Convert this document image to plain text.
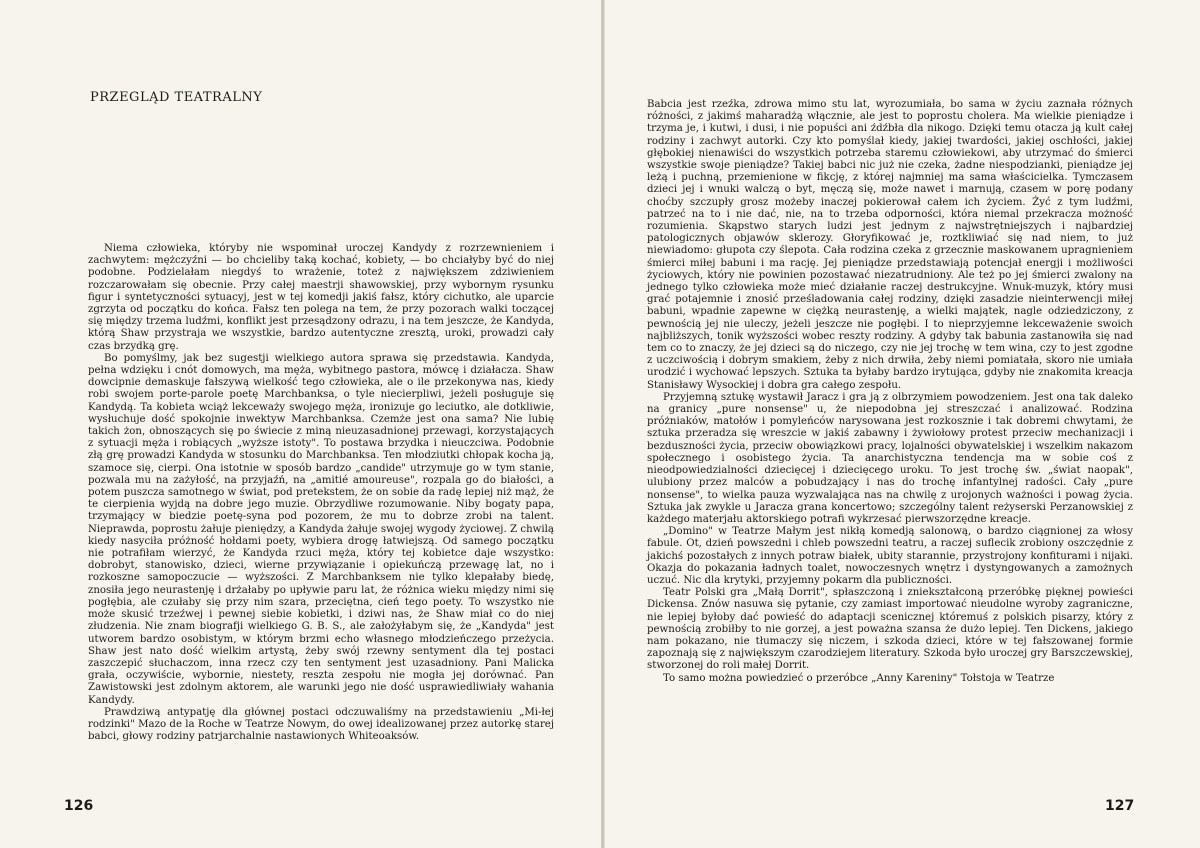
PRZEGLĄD TEATRALNY

Niema człowieka, któryby nie wspominał uroczej Kandydy z rozrzewnieniem i zachwytem: mężczyźni — bo chcieliby taką kochać, kobiety, — bo chciałyby być do niej podobne. Podzielałam niegdyś to wrażenie, toteż z największem zdziwieniem rozczarowałam się obecnie. Przy całej maestrji shawowskiej, przy wybornym rysunku figur i syntetyczności sytuacyj, jest w tej komedji jakiś fałsz, który cichutko, ale uparcie zgrzyta od początku do końca. Fałsz ten polega na tem, że przy pozorach walki toczącej się między trzema ludźmi, konflikt jest przesądzony odrazu, i na tem jeszcze, że Kandyda, którą Shaw przystraja we wszystkie, bardzo autentyczne zresztą, uroki, prowadzi cały czas brzydką grę.

Bo pomyślmy, jak bez sugestji wielkiego autora sprawa się przedstawia. Kandyda, pełna wdzięku i cnót domowych, ma męża, wybitnego pastora, mówcę i działacza. Shaw dowcipnie demaskuje fałszywą wielkość tego człowieka, ale o ile przekonywa nas, kiedy robi swojem porte-parole poetę Marchbanksa, o tyle niecierpliwi, jeżeli posługuje się Kandydą. Ta kobieta wciąż lekceważy swojego męża, ironizuje go leciutko, ale dotkliwie, wysłuchuje dość spokojnie inwektyw Marchbanksa. Czemże jest ona sama? Nie lubię takich żon, obnoszących się po świecie z miną nieuzasadnionej przewagi, korzystających z sytuacji męża i robiących „wyższe istoty". To postawa brzydka i nieuczciwa. Podobnie złą grę prowadzi Kandyda w stosunku do Marchbanksa. Ten młodziutki chłopak kocha ją, szamoce się, cierpi. Ona istotnie w sposób bardzo „candide" utrzymuje go w tym stanie, pozwala mu na zażyłość, na przyjaźń, na „amitié amoureuse", rozpala go do białości, a potem puszcza samotnego w świat, pod pretekstem, że on sobie da radę lepiej niż mąż, że te cierpienia wyjdą na dobre jego muzie. Obrzydliwe rozumowanie. Niby bogaty papa, trzymający w biedzie poetę-syna pod pozorem, że mu to dobrze zrobi na talent. Nieprawda, poprostu żałuje pieniędzy, a Kandyda żałuje swojej wygody życiowej. Z chwilą kiedy nasyciła próżność hołdami poety, wybiera drogę łatwiejszą. Od samego początku nie potrafiłam wierzyć, że Kandyda rzuci męża, który tej kobietce daje wszystko: dobrobyt, stanowisko, dzieci, wierne przywiązanie i opiekuńczą przewagę lat, no i rozkoszne samopoczucie — wyższości. Z Marchbanksem nie tylko klepałaby biedę, znosiła jego neurastenję i drżałaby po upływie paru lat, że różnica wieku między nimi się pogłębia, ale czułaby się przy nim szara, przeciętna, cień tego poety. To wszystko nie może skusić trzeźwej i pewnej siebie kobietki, i dziwi nas, że Shaw miał co do niej złudzenia. Nie znam biografji wielkiego G. B. S., ale założyłabym się, że „Kandyda" jest utworem bardzo osobistym, w którym brzmi echo własnego młodzieńczego przeżycia. Shaw jest nato dość wielkim artystą, żeby swój rzewny sentyment dla tej postaci zaszczepić słuchaczom, inna rzecz czy ten sentyment jest uzasadniony. Pani Malicka grała, oczywiście, wybornie, niestety, reszta zespołu nie mogła jej dorównać. Pan Zawistowski jest zdolnym aktorem, ale warunki jego nie dość usprawiedliwiały wahania Kandydy.

Prawdziwą antypatję dla głównej postaci odczuwaliśmy na przedstawieniu „Mi-łej rodzinki" Mazo de la Roche w Teatrze Nowym, do owej idealizowanej przez autorkę starej babci, głowy rodziny patrjarchalnie nastawionych Whiteoaksów.

126

Babcia jest rzeźka, zdrowa mimo stu lat, wyrozumiała, bo sama w życiu zaznała różnych różności, z jakimś maharadżą włącznie, ale jest to poprostu cholera. Ma wielkie pieniądze i trzyma je, i kutwi, i dusi, i nie popuści ani źdźbła dla nikogo. Dzięki temu otacza ją kult całej rodziny i zachwyt autorki. Czy kto pomyślał kiedy, jakiej twardości, jakiej oschłości, jakiej głębokiej nienawiści do wszystkich potrzeba staremu człowiekowi, aby utrzymać do śmierci wszystkie swoje pieniądze? Takiej babci nic już nie czeka, żadne niespodzianki, pieniądze jej leżą i puchną, przemienione w fikcję, z której najmniej ma sama właścicielka. Tymczasem dzieci jej i wnuki walczą o byt, męczą się, może nawet i marnują, czasem w porę podany choćby szczupły grosz możeby inaczej pokierował całem ich życiem. Żyć z tym ludźmi, patrzeć na to i nie dać, nie, na to trzeba odporności, która niemal przekracza możność rozumienia. Skąpstwo starych ludzi jest jednym z najwstrętniejszych i najbardziej patologicznych objawów sklerozy. Głoryfikować je, roztkliwiać się nad niem, to już niewiadomo: głupota czy ślepota. Cała rodzina czeka z grzecznie maskowanem upragnieniem śmierci miłej babuni i ma rację. Jej pieniądze przedstawiają potencjał energji i możliwości życiowych, który nie powinien pozostawać niezatrudniony. Ale też po jej śmierci zwalony na jednego tylko człowieka może mieć działanie raczej destrukcyjne. Wnuk-muzyk, który musi grać potajemnie i znosić prześladowania całej rodziny, dzięki zasadzie nieinterwencji miłej babuni, wpadnie zapewne w ciężką neurastenję, a wielki majątek, nagle odziedziczony, z pewnością jej nie uleczy, jeżeli jeszcze nie pogłębi. I to nieprzyjemne lekceważenie swoich najbliższych, tonik wyższości wobec reszty rodziny. A gdyby tak babunia zastanowiła się nad tem co to znaczy, że jej dzieci są do niczego, czy nie jej trochę w tem wina, czy to jest zgodne z uczciwością i dobrym smakiem, żeby z nich drwiła, żeby niemi pomiatała, skoro nie umiała urodzić i wychować lepszych. Sztuka ta byłaby bardzo irytująca, gdyby nie znakomita kreacja Stanisławy Wysockiej i dobra gra całego zespołu.

Przyjemną sztukę wystawił Jaracz i gra ją z olbrzymiem powodzeniem. Jest ona tak daleko na granicy „pure nonsense" u, że niepodobna jej streszczać i analizować. Rodzina próżniaków, matołów i pomyleńców narysowana jest rozkosznie i tak dobremi chwytami, że sztuka przeradza się wreszcie w jakiś zabawny i żywiołowy protest przeciw mechanizacji i bezduszności życia, przeciw obowiązkowi pracy, lojalności obywatelskiej i wszelkim nakazom społecznego i osobistego życia. Ta anarchistyczna tendencja ma w sobie coś z nieodpowiedzialności dziecięcej i dziecięcego uroku. To jest trochę św. „świat naopak", ulubiony przez malców a pobudzający i nas do trochę infantylnej radości. Cały „pure nonsense", to wielka pauza wyzwalająca nas na chwilę z urojonych ważności i powag życia. Sztuka jak zwykle u Jaracza grana koncertowo; szczególny talent reżyserski Perzanowskiej z każdego materjału aktorskiego potrafi wykrzesać pierwszorzędne kreacje.

„Domino" w Teatrze Małym jest nikłą komedją salonową, o bardzo ciągnionej za włosy fabule. Ot, dzień powszedni i chleb powszedni teatru, a raczej suflecik zrobiony oszczędnie z jakichś pozostałych z innych potraw białek, ubity starannie, przystrojony konfiturami i nijaki. Okazja do pokazania ładnych toalet, nowoczesnych wnętrz i dystyngowanych a zamożnych uczuć. Nic dla krytyki, przyjemny pokarm dla publiczności.

Teatr Polski gra „Małą Dorrit", spłaszczoną i zniekształconą przeróbkę pięknej powieści Dickensa. Znów nasuwa się pytanie, czy zamiast importować nieudolne wyroby zagraniczne, nie lepiej byłoby dać powieść do adaptacji scenicznej któremuś z polskich pisarzy, który z pewnością zrobiłby to nie gorzej, a jest poważna szansa że dużo lepiej. Ten Dickens, jakiego nam pokazano, nie tłumaczy się niczem, i szkoda dzieci, które w tej fałszowanej formie zapoznają się z największym czarodziejem literatury. Szkoda było uroczej gry Barszczewskiej, stworzonej do roli małej Dorrit.

To samo można powiedzieć o przeróbce „Anny Kareniny" Tołstoja w Teatrze

127
